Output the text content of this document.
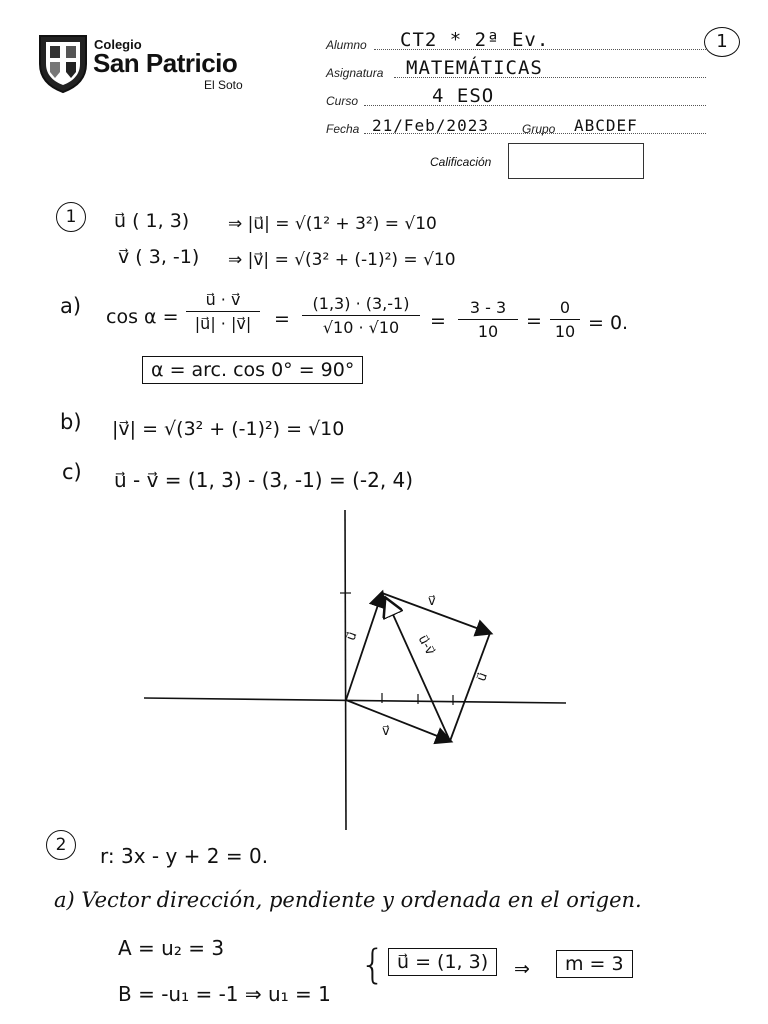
Colegio
San Patricio
El Soto
Alumno CT2 * 2ª Ev.	1
Asignatura MATEMÁTICAS
Curso	4 ESO
Fecha 21/Feb/2023	Grupo ABCDEF
Calificación
1	u⃗ ( 1, 3) ⇒ |u⃗| = √(1² + 3²) = √10
v⃗ ( 3, -1) ⇒ |v⃗| = √(3² + (-1)²) = √10
a) cos α =
u⃗ · v⃗
|u⃗| · |v⃗|	=
(1,3) · (3,-1)
√10 · √10	=
3 - 3
10	=
0
10 = 0.
α = arc. cos 0° = 90°
b) |v⃗| = √(3² + (-1)²) = √10
c) u⃗ - v⃗ = (1, 3) - (3, -1) = (-2, 4)
u⃗
v⃗
v⃗
u⃗
u⃗-v⃗
2	r: 3x - y + 2 = 0.
a) Vector dirección, pendiente y ordenada en el origen.
A = u₂ = 3
B = -u₁ = -1 ⇒ u₁ = 1
{ u⃗ = (1, 3)	⇒	m = 3
